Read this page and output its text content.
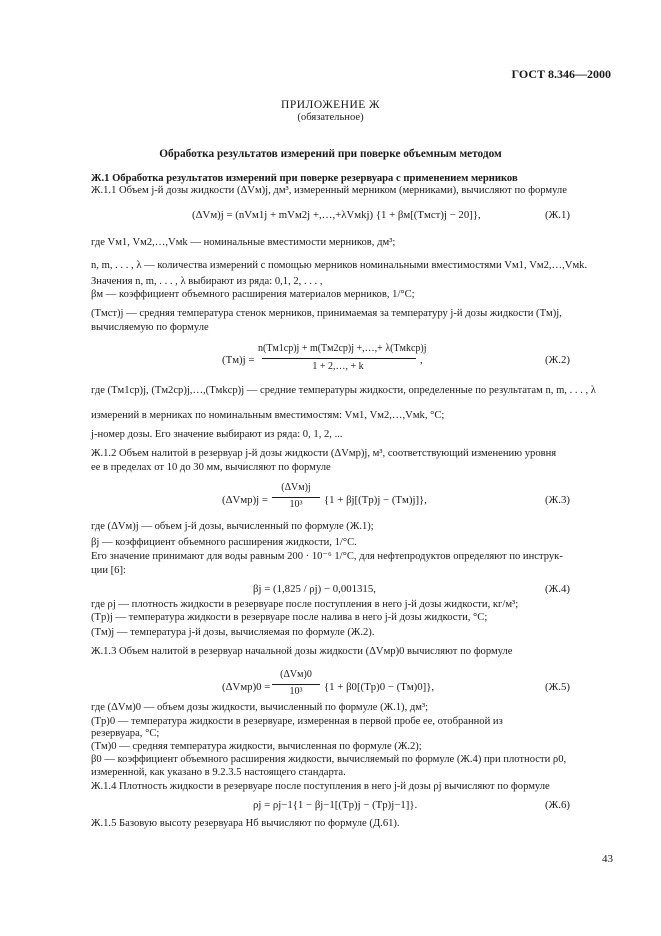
ГОСТ 8.346—2000
ПРИЛОЖЕНИЕ Ж
(обязательное)
Обработка результатов измерений при поверке объемным методом
Ж.1 Обработка результатов измерений при поверке резервуара с применением мерников
Ж.1.1 Объем j-й дозы жидкости (ΔVм)j, дм³, измеренный мерником (мерниками), вычисляют по формуле
(ΔVм)j = (nVм1j + mVм2j +,…,+λVмkj) {1 + βм[(Tмст)j − 20]},	(Ж.1)
где Vм1, Vм2,…,Vмk — номинальные вместимости мерников, дм³;
n, m, . . . , λ — количества измерений с помощью мерников номинальными вместимостями Vм1, Vм2,…,Vмk.
Значения n, m, . . . , λ выбирают из ряда: 0,1, 2, . . . ,
βм — коэффициент объемного расширения материалов мерников, 1/°C;
(Tмст)j — средняя температура стенок мерников, принимаемая за температуру j-й дозы жидкости (Tм)j,
вычисляемую по формуле
(Tм)j =
n(Tм1ср)j + m(Tм2ср)j +,…,+ λ(Tмkср)j
1 + 2,…, + k
,	(Ж.2)
где (Tм1ср)j, (Tм2ср)j,…,(Tмkср)j — средние температуры жидкости, определенные по результатам n, m, . . . , λ
измерений в мерниках по номинальным вместимостям: Vм1, Vм2,…,Vмk, °C;
j-номер дозы. Его значение выбирают из ряда: 0, 1, 2, ...
Ж.1.2 Объем налитой в резервуар j-й дозы жидкости (ΔVмр)j, м³, соответствующий изменению уровня
ее в пределах от 10 до 30 мм, вычисляют по формуле
(ΔVмр)j =
(ΔVм)j
10³	{1 + βj[(Tр)j − (Tм)j]},	(Ж.3)
где (ΔVм)j — объем j-й дозы, вычисленный по формуле (Ж.1);
βj — коэффициент объемного расширения жидкости, 1/°C.
Его значение принимают для воды равным 200 · 10⁻⁶ 1/°C, для нефтепродуктов определяют по инструк-
ции [6]:
βj = (1,825 / ρj) − 0,001315,	(Ж.4)
где ρj — плотность жидкости в резервуаре после поступления в него j-й дозы жидкости, кг/м³;
(Tр)j — температура жидкости в резервуаре после налива в него j-й дозы жидкости, °C;
(Tм)j — температура j-й дозы, вычисляемая по формуле (Ж.2).
Ж.1.3 Объем налитой в резервуар начальной дозы жидкости (ΔVмр)0 вычисляют по формуле
(ΔVмр)0 =
(ΔVм)0
10³	{1 + β0[(Tр)0 − (Tм)0]},	(Ж.5)
где (ΔVм)0 — объем дозы жидкости, вычисленный по формуле (Ж.1), дм³;
(Tр)0 — температура жидкости в резервуаре, измеренная в первой пробе ее, отобранной из
резервуара, °C;
(Tм)0 — средняя температура жидкости, вычисленная по формуле (Ж.2);
β0 — коэффициент объемного расширения жидкости, вычисляемый по формуле (Ж.4) при плотности ρ0,
измеренной, как указано в 9.2.3.5 настоящего стандарта.
Ж.1.4 Плотность жидкости в резервуаре после поступления в него j-й дозы ρj вычисляют по формуле
ρj = ρj−1{1 − βj−1[(Tр)j − (Tр)j−1]}.	(Ж.6)
Ж.1.5 Базовую высоту резервуара Hб вычисляют по формуле (Д.61).
43
